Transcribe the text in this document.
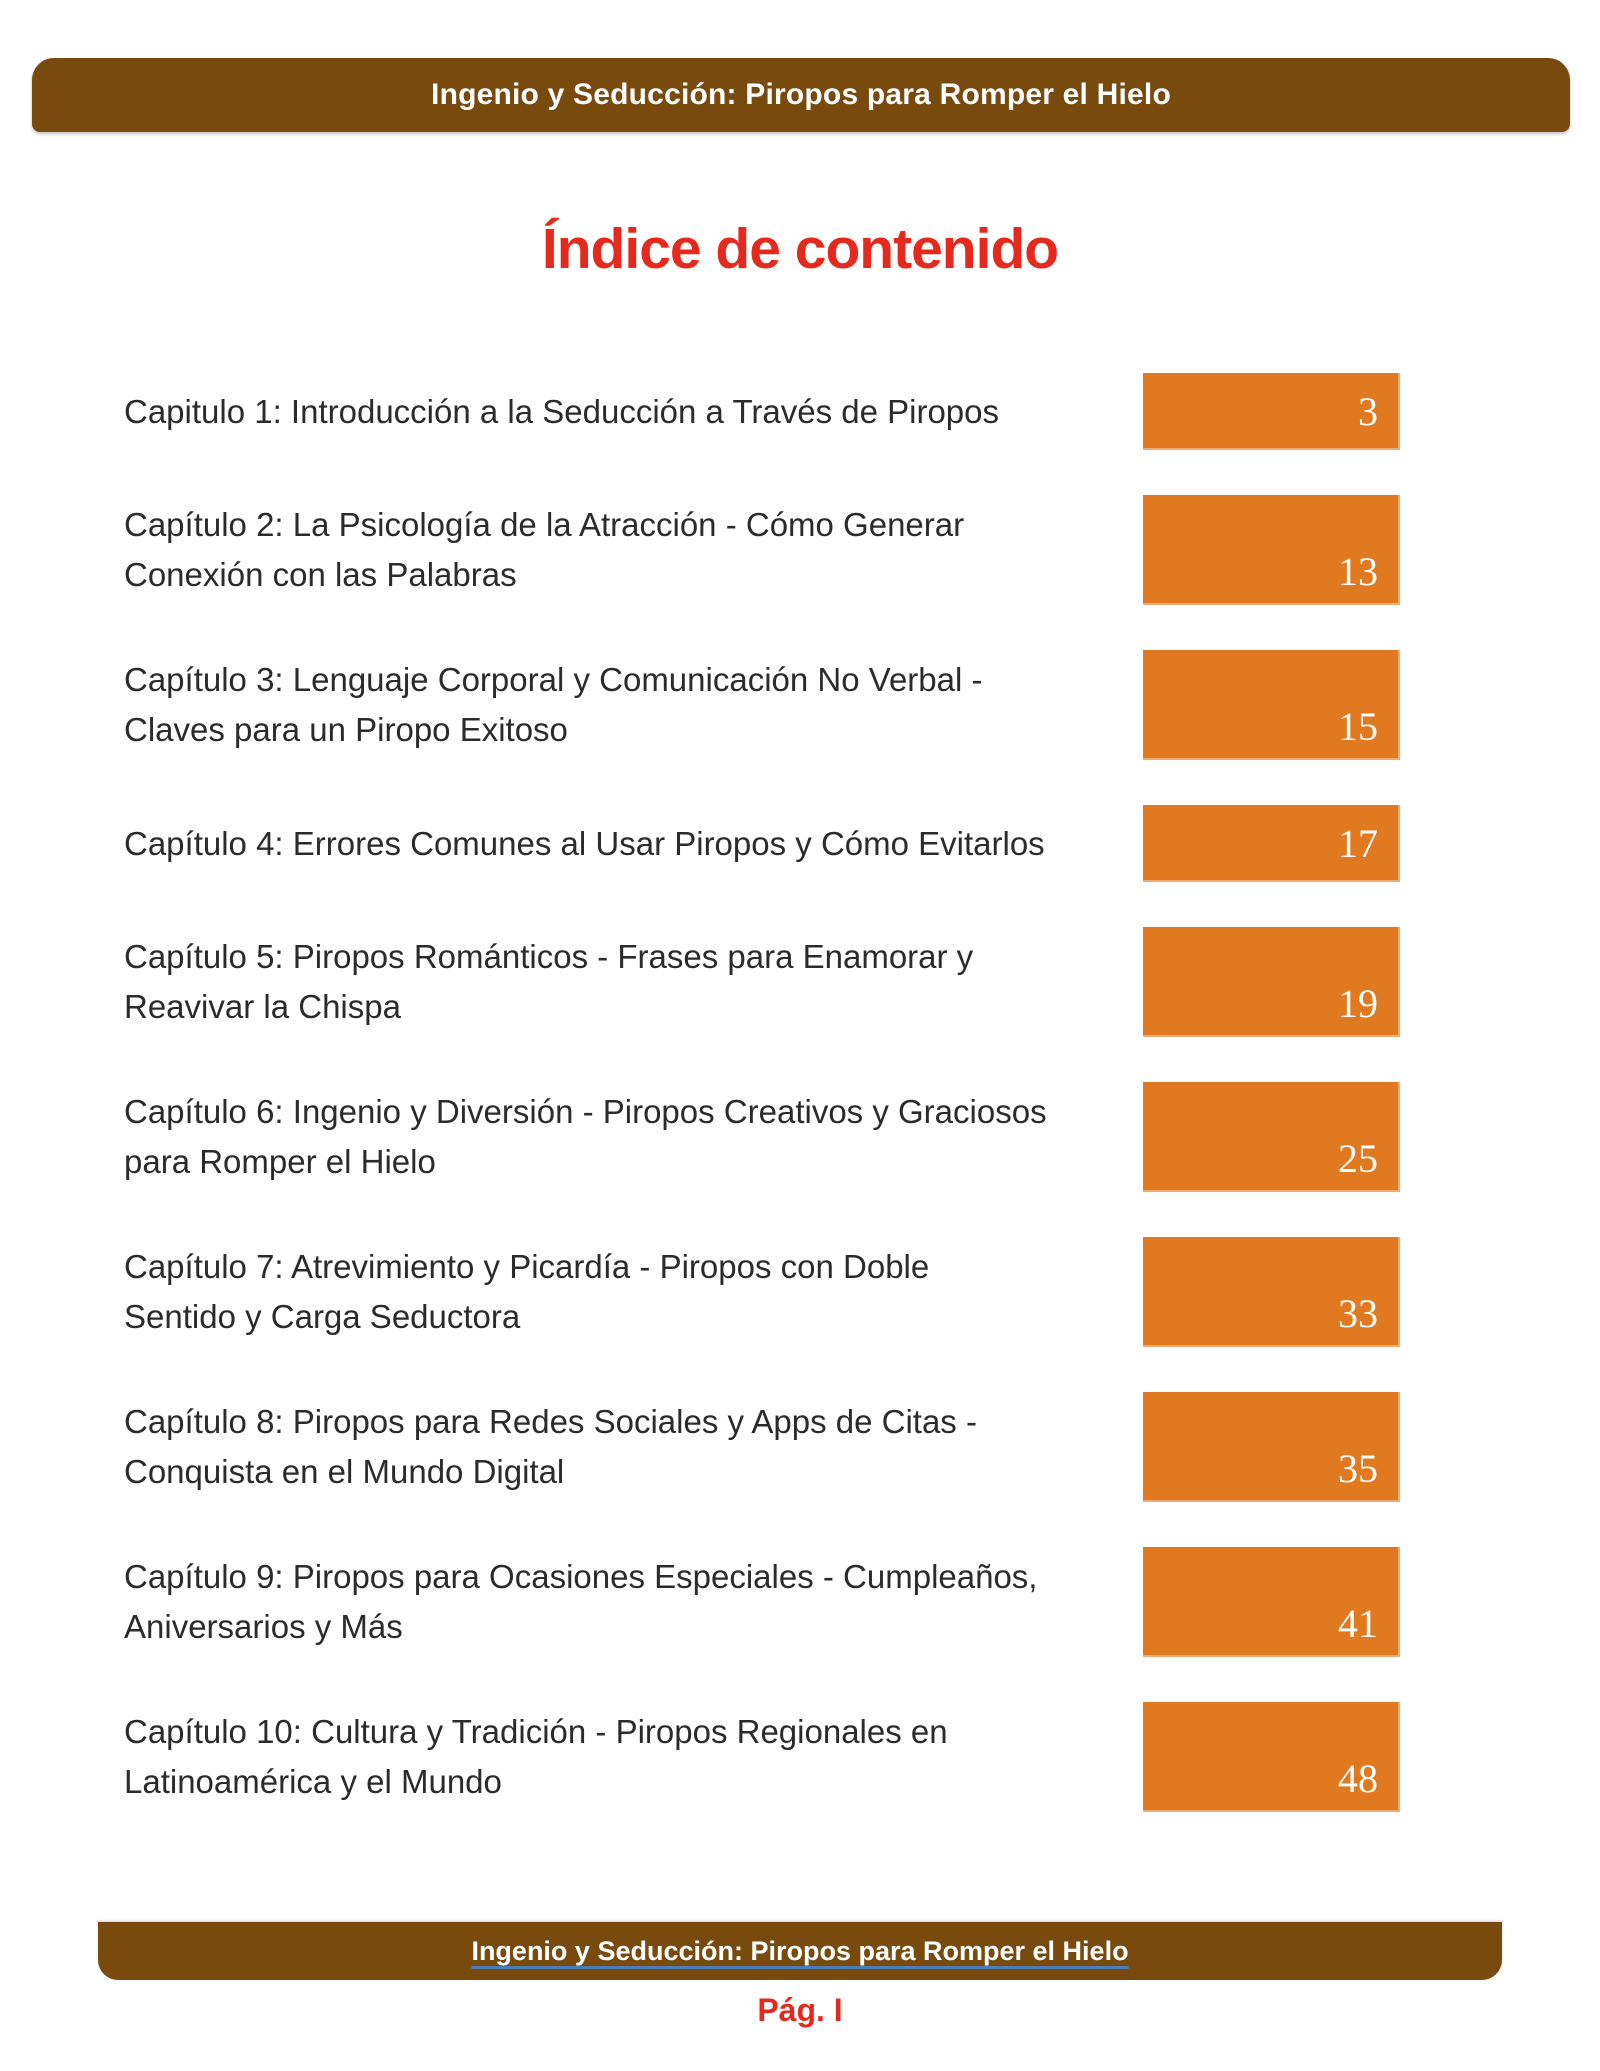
Ingenio y Seducción: Piropos para Romper el Hielo
Índice de contenido
Capitulo 1: Introducción a la Seducción a Través de Piropos	3
Capítulo 2: La Psicología de la Atracción - Cómo Generar
Conexión con las Palabras	13
Capítulo 3: Lenguaje Corporal y Comunicación No Verbal -
Claves para un Piropo Exitoso	15
Capítulo 4: Errores Comunes al Usar Piropos y Cómo Evitarlos	17
Capítulo 5: Piropos Románticos - Frases para Enamorar y
Reavivar la Chispa	19
Capítulo 6: Ingenio y Diversión - Piropos Creativos y Graciosos
para Romper el Hielo	25
Capítulo 7: Atrevimiento y Picardía - Piropos con Doble
Sentido y Carga Seductora	33
Capítulo 8: Piropos para Redes Sociales y Apps de Citas -
Conquista en el Mundo Digital	35
Capítulo 9: Piropos para Ocasiones Especiales - Cumpleaños,
Aniversarios y Más	41
Capítulo 10: Cultura y Tradición - Piropos Regionales en
Latinoamérica y el Mundo	48
Ingenio y Seducción: Piropos para Romper el Hielo
Pág. I
